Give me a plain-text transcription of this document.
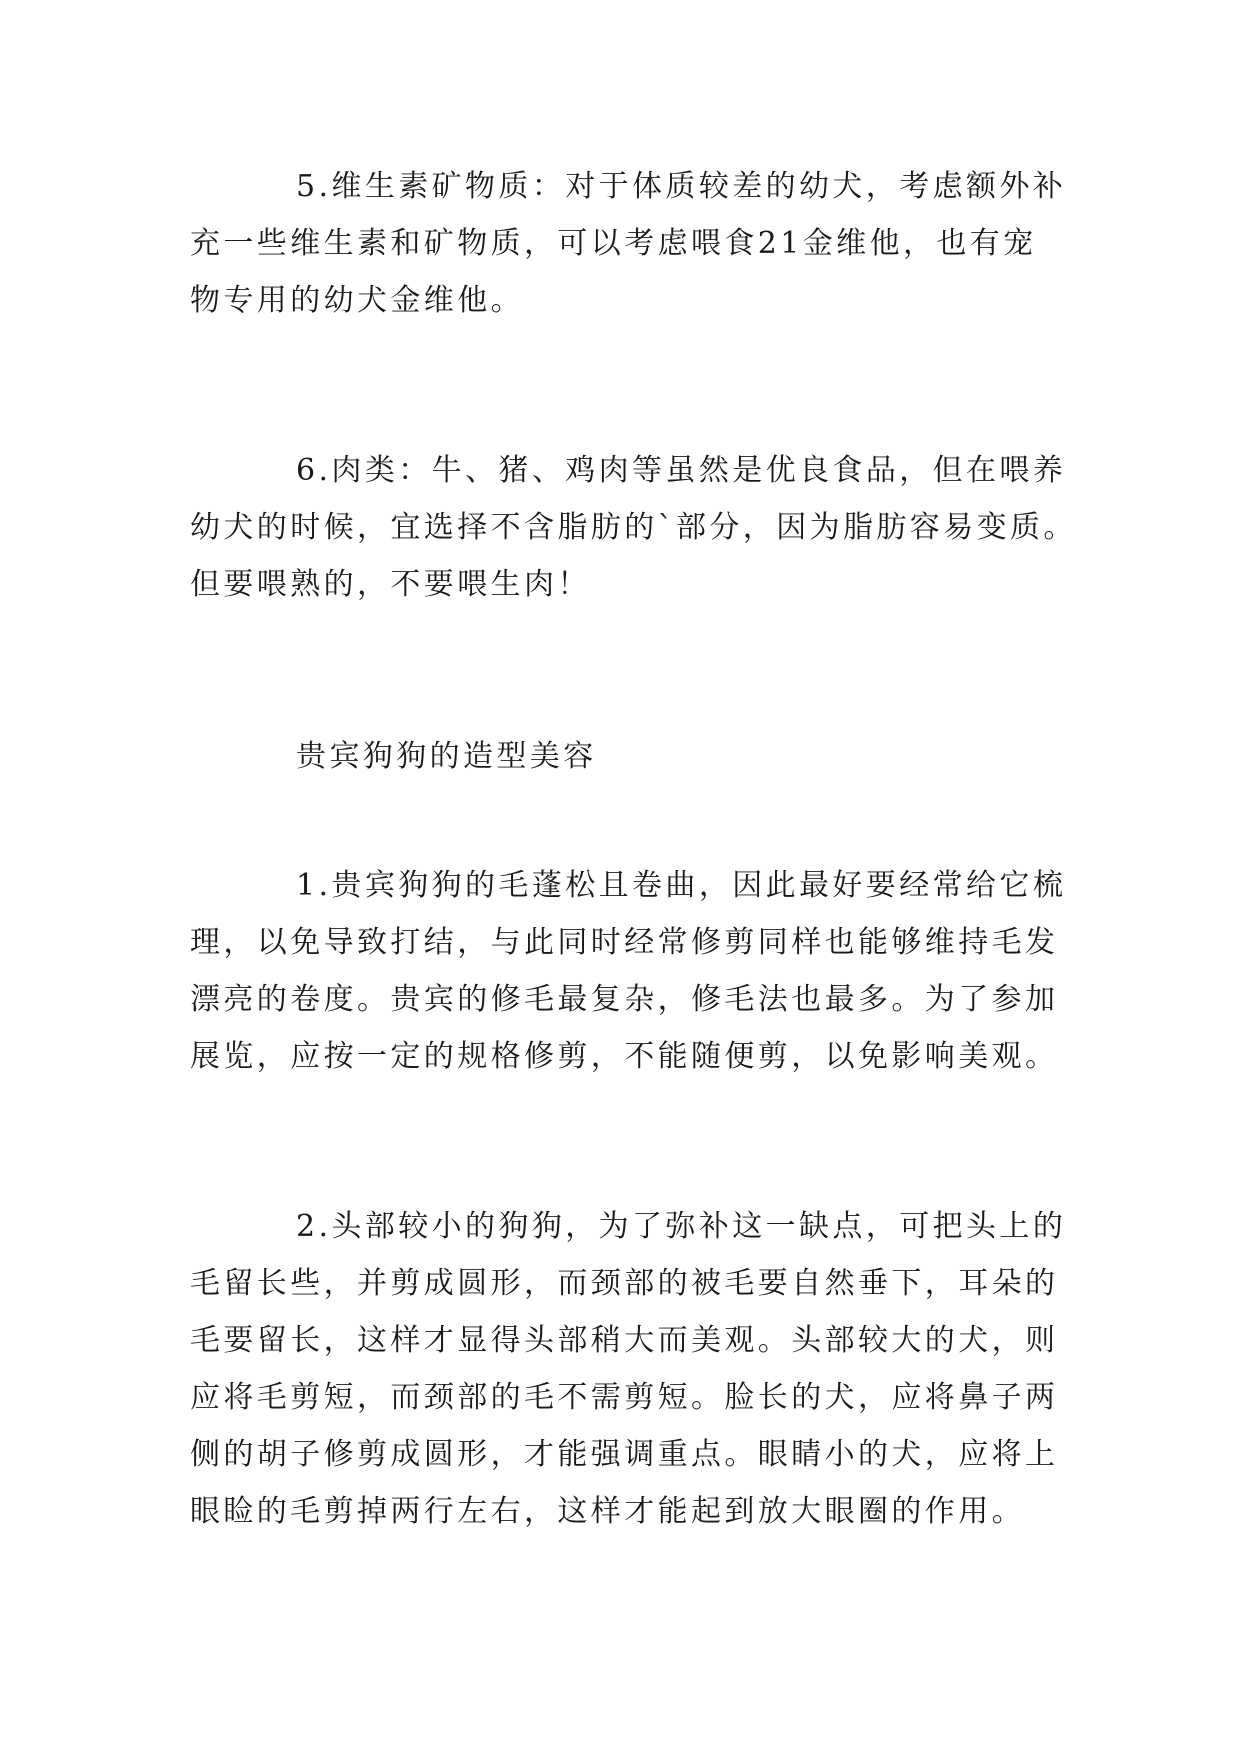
5.维生素矿物质：对于体质较差的幼犬，考虑额外补

充一些维生素和矿物质，可以考虑喂食21金维他，也有宠

物专用的幼犬金维他。

6.肉类：牛、猪、鸡肉等虽然是优良食品，但在喂养

幼犬的时候，宜选择不含脂肪的`部分，因为脂肪容易变质。

但要喂熟的，不要喂生肉！

贵宾狗狗的造型美容

1.贵宾狗狗的毛蓬松且卷曲，因此最好要经常给它梳

理，以免导致打结，与此同时经常修剪同样也能够维持毛发

漂亮的卷度。贵宾的修毛最复杂，修毛法也最多。为了参加

展览，应按一定的规格修剪，不能随便剪，以免影响美观。

2.头部较小的狗狗，为了弥补这一缺点，可把头上的

毛留长些，并剪成圆形，而颈部的被毛要自然垂下，耳朵的

毛要留长，这样才显得头部稍大而美观。头部较大的犬，则

应将毛剪短，而颈部的毛不需剪短。脸长的犬，应将鼻子两

侧的胡子修剪成圆形，才能强调重点。眼睛小的犬，应将上

眼睑的毛剪掉两行左右，这样才能起到放大眼圈的作用。
